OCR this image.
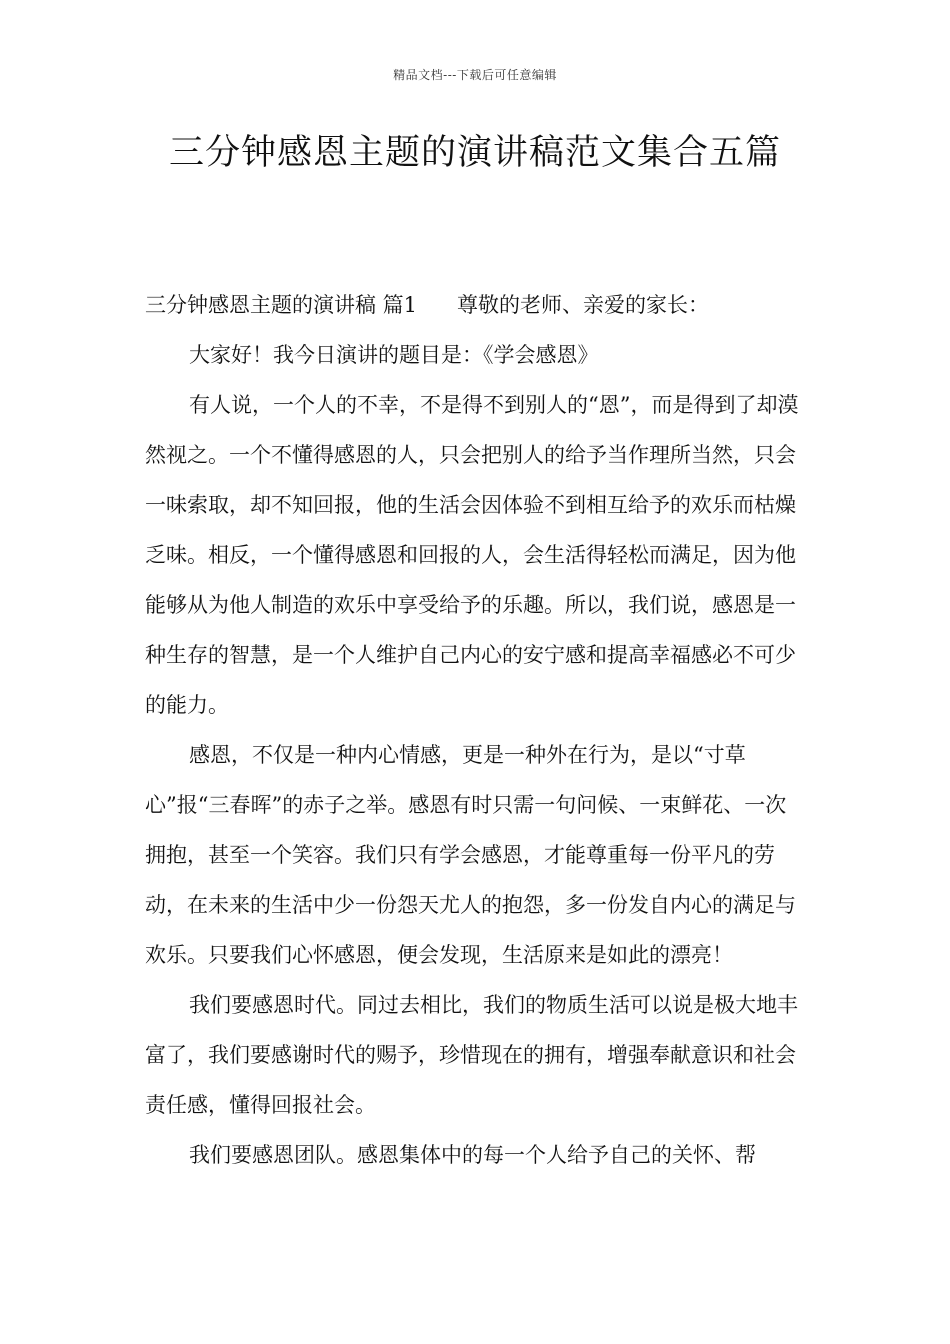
精品文档---下载后可任意编辑
三分钟感恩主题的演讲稿范文集合五篇

三分钟感恩主题的演讲稿 篇1 尊敬的老师、亲爱的家长：

大家好！我今日演讲的题目是：《学会感恩》

有人说，一个人的不幸，不是得不到别人的“恩”，而是得到了却漠然视之。一个不懂得感恩的人，只会把别人的给予当作理所当然，只会一味索取，却不知回报，他的生活会因体验不到相互给予的欢乐而枯燥乏味。相反，一个懂得感恩和回报的人，会生活得轻松而满足，因为他能够从为他人制造的欢乐中享受给予的乐趣。所以，我们说，感恩是一种生存的智慧，是一个人维护自己内心的安宁感和提高幸福感必不可少的能力。

感恩，不仅是一种内心情感，更是一种外在行为，是以“寸草心”报“三春晖”的赤子之举。感恩有时只需一句问候、一束鲜花、一次拥抱，甚至一个笑容。我们只有学会感恩，才能尊重每一份平凡的劳动，在未来的生活中少一份怨天尤人的抱怨，多一份发自内心的满足与欢乐。只要我们心怀感恩，便会发现，生活原来是如此的漂亮！

我们要感恩时代。同过去相比，我们的物质生活可以说是极大地丰富了，我们要感谢时代的赐予，珍惜现在的拥有，增强奉献意识和社会责任感，懂得回报社会。

我们要感恩团队。感恩集体中的每一个人给予自己的关怀、帮
